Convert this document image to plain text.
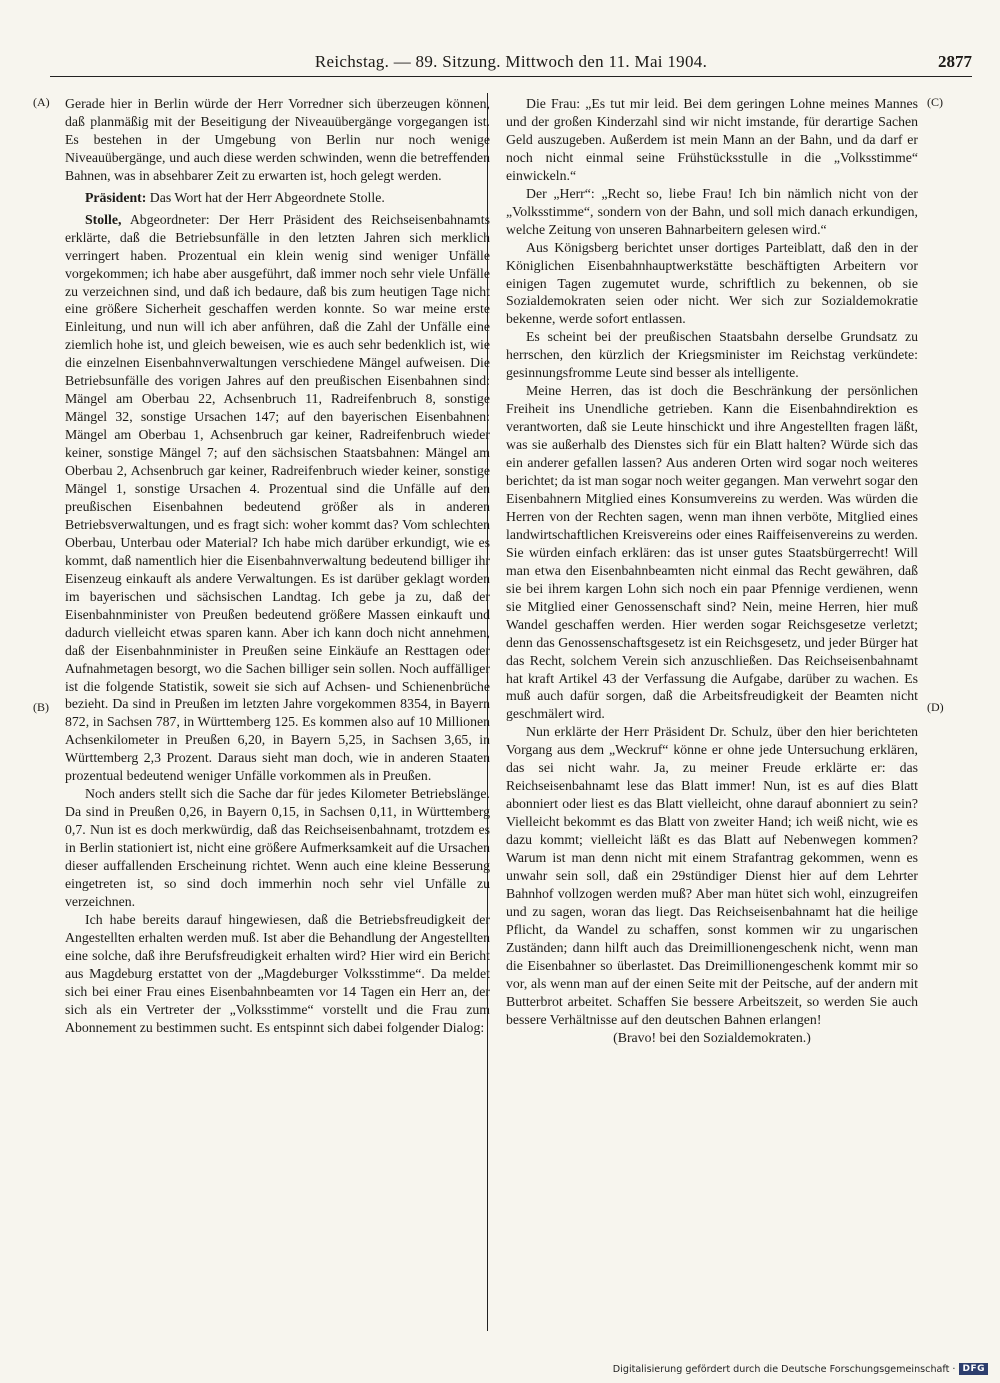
Reichstag. — 89. Sitzung. Mittwoch den 11. Mai 1904.	2877
(A)
(B)
(C)
(D)

Gerade hier in Berlin würde der Herr Vorredner sich überzeugen können, daß planmäßig mit der Beseitigung der Niveauübergänge vorgegangen ist. Es bestehen in der Umgebung von Berlin nur noch wenige Niveauübergänge, und auch diese werden schwinden, wenn die betreffenden Bahnen, was in absehbarer Zeit zu erwarten ist, hoch gelegt werden.

Präsident: Das Wort hat der Herr Abgeordnete Stolle.

Stolle, Abgeordneter: Der Herr Präsident des Reichseisenbahnamts erklärte, daß die Betriebsunfälle in den letzten Jahren sich merklich verringert haben. Prozentual ein klein wenig sind weniger Unfälle vorgekommen; ich habe aber ausgeführt, daß immer noch sehr viele Unfälle zu verzeichnen sind, und daß ich bedaure, daß bis zum heutigen Tage nicht eine größere Sicherheit geschaffen werden konnte. So war meine erste Einleitung, und nun will ich aber anführen, daß die Zahl der Unfälle eine ziemlich hohe ist, und gleich beweisen, wie es auch sehr bedenklich ist, wie die einzelnen Eisenbahnverwaltungen verschiedene Mängel aufweisen. Die Betriebsunfälle des vorigen Jahres auf den preußischen Eisenbahnen sind: Mängel am Oberbau 22, Achsenbruch 11, Radreifenbruch 8, sonstige Mängel 32, sonstige Ursachen 147; auf den bayerischen Eisenbahnen: Mängel am Oberbau 1, Achsenbruch gar keiner, Radreifenbruch wieder keiner, sonstige Mängel 7; auf den sächsischen Staatsbahnen: Mängel am Oberbau 2, Achsenbruch gar keiner, Radreifenbruch wieder keiner, sonstige Mängel 1, sonstige Ursachen 4. Prozentual sind die Unfälle auf den preußischen Eisenbahnen bedeutend größer als in anderen Betriebsverwaltungen, und es fragt sich: woher kommt das? Vom schlechten Oberbau, Unterbau oder Material? Ich habe mich darüber erkundigt, wie es kommt, daß namentlich hier die Eisenbahnverwaltung bedeutend billiger ihr Eisenzeug einkauft als andere Verwaltungen. Es ist darüber geklagt worden im bayerischen und sächsischen Landtag. Ich gebe ja zu, daß der Eisenbahnminister von Preußen bedeutend größere Massen einkauft und dadurch vielleicht etwas sparen kann. Aber ich kann doch nicht annehmen, daß der Eisenbahnminister in Preußen seine Einkäufe an Resttagen oder Aufnahmetagen besorgt, wo die Sachen billiger sein sollen. Noch auffälliger ist die folgende Statistik, soweit sie sich auf Achsen- und Schienenbrüche bezieht. Da sind in Preußen im letzten Jahre vorgekommen 8354, in Bayern 872, in Sachsen 787, in Württemberg 125. Es kommen also auf 10 Millionen Achsenkilometer in Preußen 6,20, in Bayern 5,25, in Sachsen 3,65, in Württemberg 2,3 Prozent. Daraus sieht man doch, wie in anderen Staaten prozentual bedeutend weniger Unfälle vorkommen als in Preußen.

Noch anders stellt sich die Sache dar für jedes Kilometer Betriebslänge. Da sind in Preußen 0,26, in Bayern 0,15, in Sachsen 0,11, in Württemberg 0,7. Nun ist es doch merkwürdig, daß das Reichseisenbahnamt, trotzdem es in Berlin stationiert ist, nicht eine größere Aufmerksamkeit auf die Ursachen dieser auffallenden Erscheinung richtet. Wenn auch eine kleine Besserung eingetreten ist, so sind doch immerhin noch sehr viel Unfälle zu verzeichnen.

Ich habe bereits darauf hingewiesen, daß die Betriebsfreudigkeit der Angestellten erhalten werden muß. Ist aber die Behandlung der Angestellten eine solche, daß ihre Berufsfreudigkeit erhalten wird? Hier wird ein Bericht aus Magdeburg erstattet von der „Magdeburger Volksstimme“. Da meldet sich bei einer Frau eines Eisenbahnbeamten vor 14 Tagen ein Herr an, der sich als ein Vertreter der „Volksstimme“ vorstellt und die Frau zum Abonnement zu bestimmen sucht. Es entspinnt sich dabei folgender Dialog:

Die Frau: „Es tut mir leid. Bei dem geringen Lohne meines Mannes und der großen Kinderzahl sind wir nicht imstande, für derartige Sachen Geld auszugeben. Außerdem ist mein Mann an der Bahn, und da darf er noch nicht einmal seine Frühstücksstulle in die „Volksstimme“ einwickeln.“

Der „Herr“: „Recht so, liebe Frau! Ich bin nämlich nicht von der „Volksstimme“, sondern von der Bahn, und soll mich danach erkundigen, welche Zeitung von unseren Bahnarbeitern gelesen wird.“

Aus Königsberg berichtet unser dortiges Parteiblatt, daß den in der Königlichen Eisenbahnhauptwerkstätte beschäftigten Arbeitern vor einigen Tagen zugemutet wurde, schriftlich zu bekennen, ob sie Sozialdemokraten seien oder nicht. Wer sich zur Sozialdemokratie bekenne, werde sofort entlassen.

Es scheint bei der preußischen Staatsbahn derselbe Grundsatz zu herrschen, den kürzlich der Kriegsminister im Reichstag verkündete: gesinnungsfromme Leute sind besser als intelligente.

Meine Herren, das ist doch die Beschränkung der persönlichen Freiheit ins Unendliche getrieben. Kann die Eisenbahndirektion es verantworten, daß sie Leute hinschickt und ihre Angestellten fragen läßt, was sie außerhalb des Dienstes sich für ein Blatt halten? Würde sich das ein anderer gefallen lassen? Aus anderen Orten wird sogar noch weiteres berichtet; da ist man sogar noch weiter gegangen. Man verwehrt sogar den Eisenbahnern Mitglied eines Konsumvereins zu werden. Was würden die Herren von der Rechten sagen, wenn man ihnen verböte, Mitglied eines landwirtschaftlichen Kreisvereins oder eines Raiffeisenvereins zu werden. Sie würden einfach erklären: das ist unser gutes Staatsbürgerrecht! Will man etwa den Eisenbahnbeamten nicht einmal das Recht gewähren, daß sie bei ihrem kargen Lohn sich noch ein paar Pfennige verdienen, wenn sie Mitglied einer Genossenschaft sind? Nein, meine Herren, hier muß Wandel geschaffen werden. Hier werden sogar Reichsgesetze verletzt; denn das Genossenschaftsgesetz ist ein Reichsgesetz, und jeder Bürger hat das Recht, solchem Verein sich anzuschließen. Das Reichseisenbahnamt hat kraft Artikel 43 der Verfassung die Aufgabe, darüber zu wachen. Es muß auch dafür sorgen, daß die Arbeitsfreudigkeit der Beamten nicht geschmälert wird.

Nun erklärte der Herr Präsident Dr. Schulz, über den hier berichteten Vorgang aus dem „Weckruf“ könne er ohne jede Untersuchung erklären, das sei nicht wahr. Ja, zu meiner Freude erklärte er: das Reichseisenbahnamt lese das Blatt immer! Nun, ist es auf dies Blatt abonniert oder liest es das Blatt vielleicht, ohne darauf abonniert zu sein? Vielleicht bekommt es das Blatt von zweiter Hand; ich weiß nicht, wie es dazu kommt; vielleicht läßt es das Blatt auf Nebenwegen kommen? Warum ist man denn nicht mit einem Strafantrag gekommen, wenn es unwahr sein soll, daß ein 29stündiger Dienst hier auf dem Lehrter Bahnhof vollzogen werden muß? Aber man hütet sich wohl, einzugreifen und zu sagen, woran das liegt. Das Reichseisenbahnamt hat die heilige Pflicht, da Wandel zu schaffen, sonst kommen wir zu ungarischen Zuständen; dann hilft auch das Dreimillionengeschenk nicht, wenn man die Eisenbahner so überlastet. Das Dreimillionengeschenk kommt mir so vor, als wenn man auf der einen Seite mit der Peitsche, auf der andern mit Butterbrot arbeitet. Schaffen Sie bessere Arbeitszeit, so werden Sie auch bessere Verhältnisse auf den deutschen Bahnen erlangen!

(Bravo! bei den Sozialdemokraten.)

Digitalisierung gefördert durch die Deutsche Forschungsgemeinschaft · DFG
